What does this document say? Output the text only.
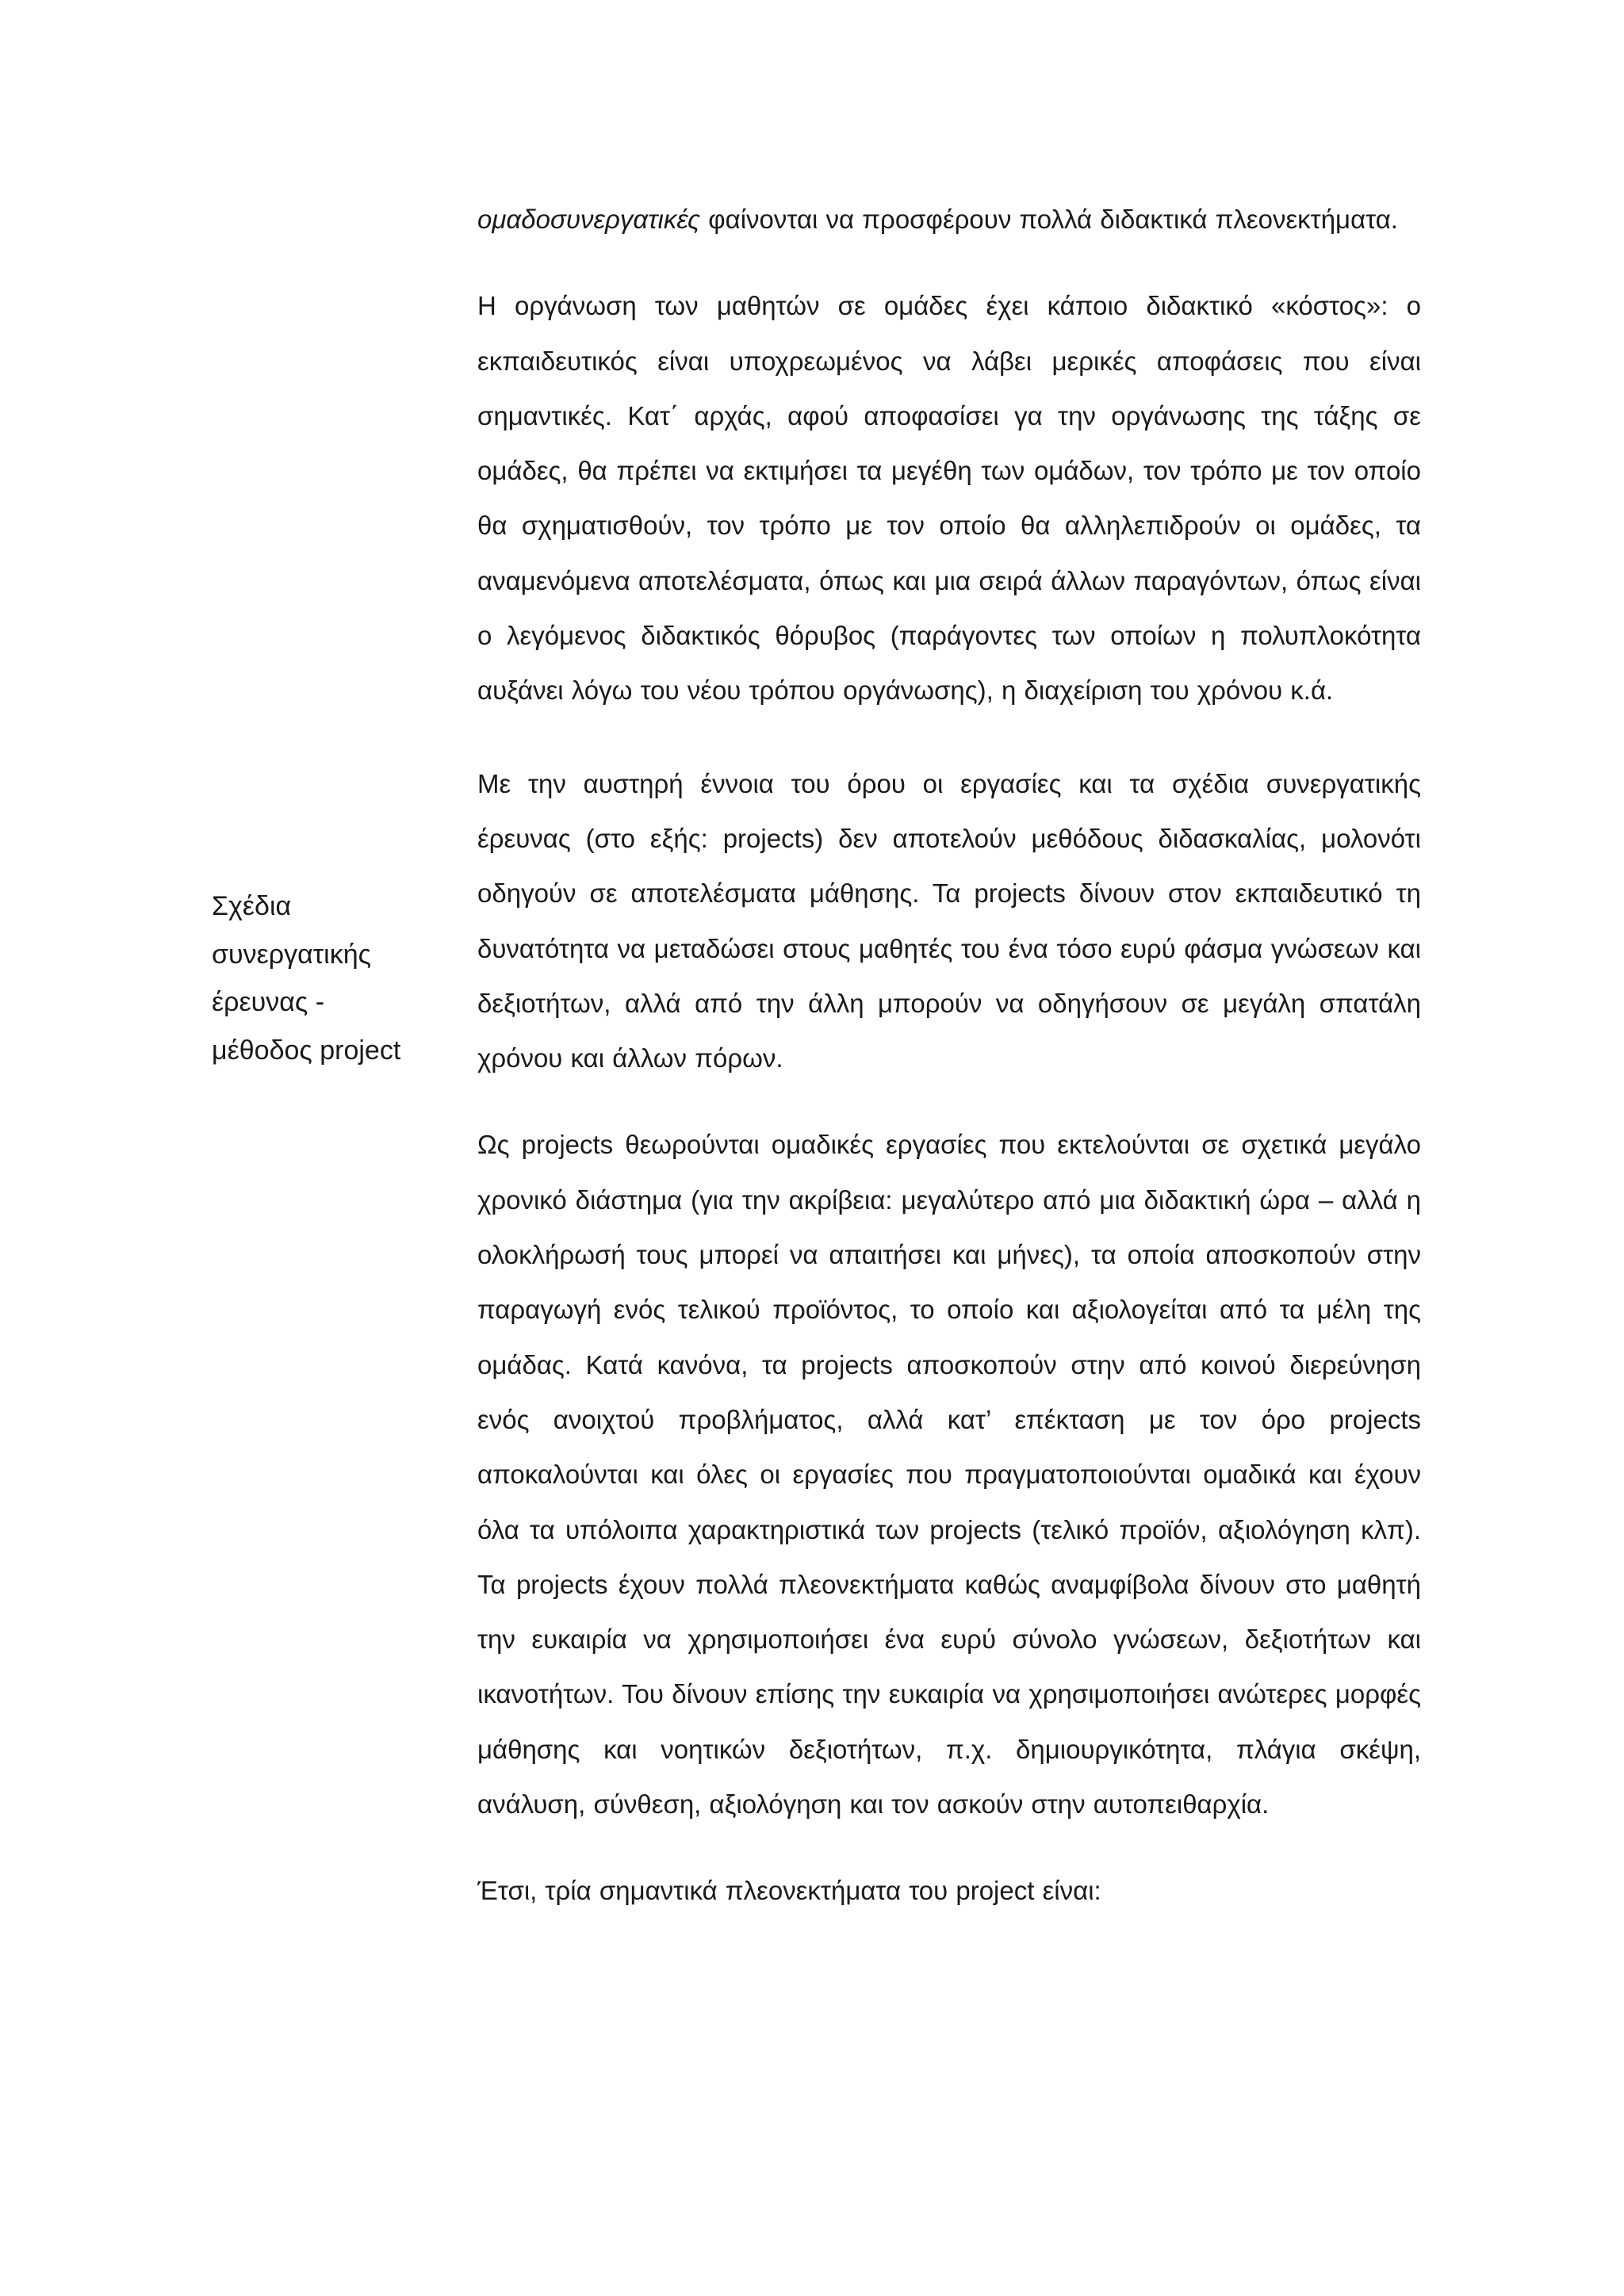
Σχέδια
συνεργατικής
έρευνας -
μέθοδος project

ομαδοσυνεργατικές φαίνονται να προσφέρουν πολλά διδακτικά πλεονεκτήματα.

Η οργάνωση των μαθητών σε ομάδες έχει κάποιο διδακτικό «κόστος»: ο εκπαιδευτικός είναι υποχρεωμένος να λάβει μερικές αποφάσεις που είναι σημαντικές. Κατ΄ αρχάς, αφού αποφασίσει γα την οργάνωσης της τάξης σε ομάδες, θα πρέπει να εκτιμήσει τα μεγέθη των ομάδων, τον τρόπο με τον οποίο θα σχηματισθούν, τον τρόπο με τον οποίο θα αλληλεπιδρούν οι ομάδες, τα αναμενόμενα αποτελέσματα, όπως και μια σειρά άλλων παραγόντων, όπως είναι ο λεγόμενος διδακτικός θόρυβος (παράγοντες των οποίων η πολυπλοκότητα αυξάνει λόγω του νέου τρόπου οργάνωσης), η διαχείριση του χρόνου κ.ά.

Με την αυστηρή έννοια του όρου οι εργασίες και τα σχέδια συνεργατικής έρευνας (στο εξής: projects) δεν αποτελούν μεθόδους διδασκαλίας, μολονότι οδηγούν σε αποτελέσματα μάθησης. Τα projects δίνουν στον εκπαιδευτικό τη δυνατότητα να μεταδώσει στους μαθητές του ένα τόσο ευρύ φάσμα γνώσεων και δεξιοτήτων, αλλά από την άλλη μπορούν να οδηγήσουν σε μεγάλη σπατάλη χρόνου και άλλων πόρων.

Ως projects θεωρούνται ομαδικές εργασίες που εκτελούνται σε σχετικά μεγάλο χρονικό διάστημα (για την ακρίβεια: μεγαλύτερο από μια διδακτική ώρα – αλλά η ολοκλήρωσή τους μπορεί να απαιτήσει και μήνες), τα οποία αποσκοπούν στην παραγωγή ενός τελικού προϊόντος, το οποίο και αξιολογείται από τα μέλη της ομάδας. Κατά κανόνα, τα projects αποσκοπούν στην από κοινού διερεύνηση ενός ανοιχτού προβλήματος, αλλά κατ’ επέκταση με τον όρο projects αποκαλούνται και όλες οι εργασίες που πραγματοποιούνται ομαδικά και έχουν όλα τα υπόλοιπα χαρακτηριστικά των projects (τελικό προϊόν, αξιολόγηση κλπ). Τα projects έχουν πολλά πλεονεκτήματα καθώς αναμφίβολα δίνουν στο μαθητή την ευκαιρία να χρησιμοποιήσει ένα ευρύ σύνολο γνώσεων, δεξιοτήτων και ικανοτήτων. Του δίνουν επίσης την ευκαιρία να χρησιμοποιήσει ανώτερες μορφές μάθησης και νοητικών δεξιοτήτων, π.χ. δημιουργικότητα, πλάγια σκέψη, ανάλυση, σύνθεση, αξιολόγηση και τον ασκούν στην αυτοπειθαρχία.

Έτσι, τρία σημαντικά πλεονεκτήματα του project είναι:
